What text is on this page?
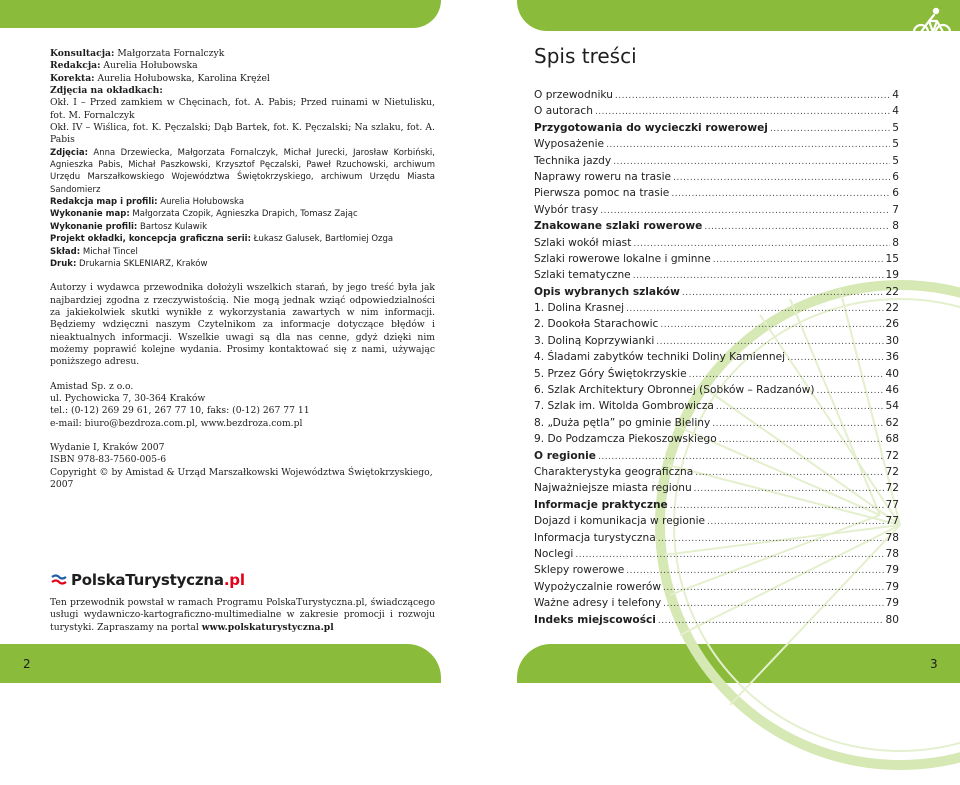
Konsultacja: Małgorzata Fornalczyk

Redakcja: Aurelia Hołubowska

Korekta: Aurelia Hołubowska, Karolina Krężel

Zdjęcia na okładkach:

Okł. I – Przed zamkiem w Chęcinach, fot. A. Pabis; Przed ruinami w Nietulisku, fot. M. Fornalczyk

Okł. IV – Wiślica, fot. K. Pęczalski; Dąb Bartek, fot. K. Pęczalski; Na szlaku, fot. A. Pabis

Zdjęcia: Anna Drzewiecka, Małgorzata Fornalczyk, Michał Jurecki, Jarosław Korbiński, Agnieszka Pabis, Michał Paszkowski, Krzysztof Pęczalski, Paweł Rzuchowski, archiwum Urzędu Marszałkowskiego Województwa Świętokrzyskiego, archiwum Urzędu Miasta Sandomierz

Redakcja map i profili: Aurelia Hołubowska

Wykonanie map: Małgorzata Czopik, Agnieszka Drapich, Tomasz Zając

Wykonanie profili: Bartosz Kulawik

Projekt okładki, koncepcja graficzna serii: Łukasz Galusek, Bartłomiej Ozga

Skład: Michał Tincel

Druk: Drukarnia SKLENIARZ, Kraków

Autorzy i wydawca przewodnika dołożyli wszelkich starań, by jego treść była jak najbardziej zgodna z rzeczywistością. Nie mogą jednak wziąć odpowiedzialności za jakiekolwiek skutki wynikłe z wykorzystania zawartych w nim informacji. Będziemy wdzięczni naszym Czytelnikom za informacje dotyczące błędów i nieaktualnych informacji. Wszelkie uwagi są dla nas cenne, gdyż dzięki nim możemy poprawić kolejne wydania. Prosimy kontaktować się z nami, używając poniższego adresu.

Amistad Sp. z o.o.

ul. Pychowicka 7, 30-364 Kraków

tel.: (0-12) 269 29 61, 267 77 10, faks: (0-12) 267 77 11

e-mail: biuro@bezdroza.com.pl, www.bezdroza.com.pl

Wydanie I, Kraków 2007

ISBN 978-83-7560-005-6

Copyright © by Amistad & Urząd Marszałkowski Województwa Świętokrzyskiego, 2007

PolskaTurystyczna.pl
Ten przewodnik powstał w ramach Programu PolskaTurystyczna.pl, świadczącego usługi wydawniczo-kartograficzno-multimedialne w zakresie promocji i rozwoju turystyki. Zapraszamy na portal www.polskaturystyczna.pl
2
Spis treści
O przewodniku .....	4
O autorach .....	4
Przygotowania do wycieczki rowerowej .....	5
Wyposażenie .....	5
Technika jazdy .....	5
Naprawy roweru na trasie .....	6
Pierwsza pomoc na trasie .....	6
Wybór trasy .....	7
Znakowane szlaki rowerowe .....	8
Szlaki wokół miast .....	8
Szlaki rowerowe lokalne i gminne .....	15
Szlaki tematyczne .....	19
Opis wybranych szlaków .....	22
1. Dolina Krasnej .....	22
2. Dookoła Starachowic .....	26
3. Doliną Koprzywianki .....	30
4. Śladami zabytków techniki Doliny Kamiennej .....	36
5. Przez Góry Świętokrzyskie .....	40
6. Szlak Architektury Obronnej (Sobków – Radzanów) .....	46
7. Szlak im. Witolda Gombrowicza .....	54
8. „Duża pętla” po gminie Bieliny .....	62
9. Do Podzamcza Piekoszowskiego .....	68
O regionie .....	72
Charakterystyka geograficzna .....	72
Najważniejsze miasta regionu .....	72
Informacje praktyczne .....	77
Dojazd i komunikacja w regionie .....	77
Informacja turystyczna .....	78
Noclegi .....	78
Sklepy rowerowe .....	79
Wypożyczalnie rowerów .....	79
Ważne adresy i telefony .....	79
Indeks miejscowości .....	80
3
